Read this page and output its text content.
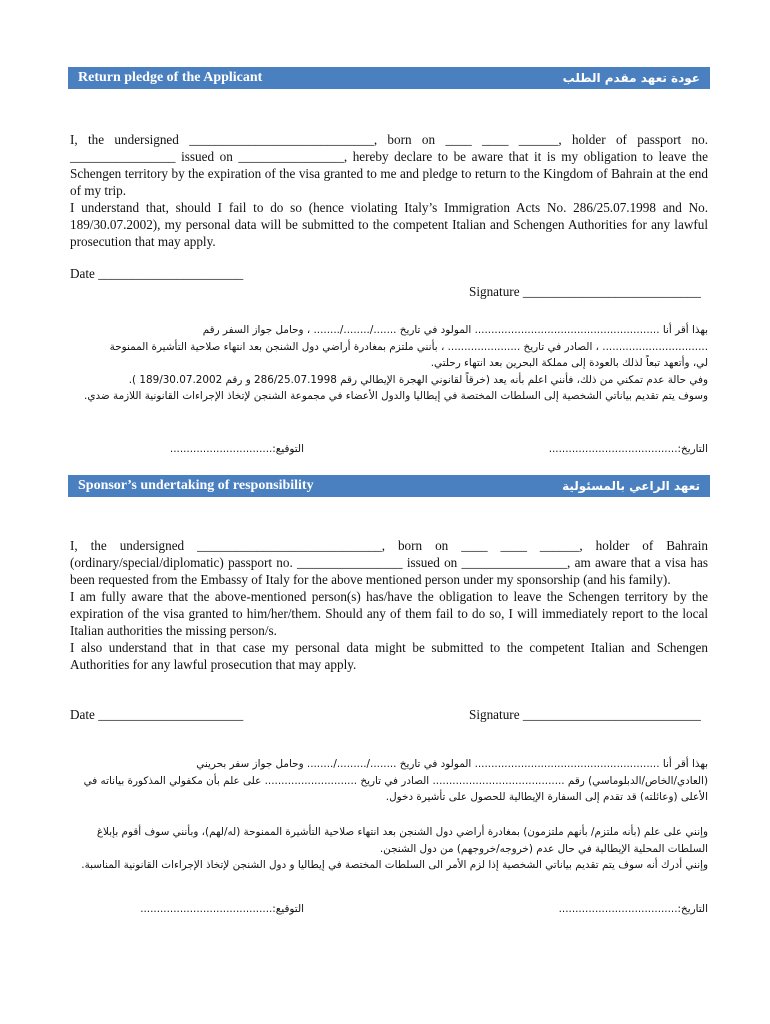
Return pledge of the Applicant	عودة تعهد مقدم الطلب

I, the undersigned ____________________________, born on ____ ____ ______, holder of passport no. ________________ issued on ________________, hereby declare to be aware that it is my obligation to leave the Schengen territory by the expiration of the visa granted to me and pledge to return to the Kingdom of Bahrain at the end of my trip.

I understand that, should I fail to do so (hence violating Italy’s Immigration Acts No. 286/25.07.1998 and No. 189/30.07.2002), my personal data will be submitted to the competent Italian and Schengen Authorities for any lawful prosecution that may apply.

Date ______________________
Signature ___________________________

بهذا أقر أنا ........................................................ المولود في تاريخ ......./......../........ ، وحامل جواز السفر رقم

................................ ، الصادر في تاريخ ...................... ، بأنني ملتزم بمغادرة أراضي دول الشنجن بعد انتهاء صلاحية التأشيرة الممنوحة

لي، وأتعهد تبعاً لذلك بالعودة إلى مملكة البحرين بعد انتهاء رحلتي.

وفي حالة عدم تمكني من ذلك، فأنني اعلم بأنه يعد (خرقاً لقانوني الهجرة الإيطالي رقم 286/25.07.1998 و رقم 189/30.07.2002 ).

وسوف يتم تقديم بياناتي الشخصية إلى السلطات المختصة في إيطاليا والدول الأعضاء في مجموعة الشنجن لإتخاذ الإجراءات القانونية اللازمة ضدي.

التاريخ:.......................................
التوقيع:...............................
Sponsor’s undertaking of responsibility	تعهد الراعي بالمسئولية

I, the undersigned ____________________________, born on ____ ____ ______, holder of Bahrain (ordinary/special/diplomatic) passport no. ________________ issued on ________________, am aware that a visa has been requested from the Embassy of Italy for the above mentioned person under my sponsorship (and his family).

I am fully aware that the above-mentioned person(s) has/have the obligation to leave the Schengen territory by the expiration of the visa granted to him/her/them. Should any of them fail to do so, I will immediately report to the local Italian authorities the missing person/s.

I also understand that in that case my personal data might be submitted to the competent Italian and Schengen Authorities for any lawful prosecution that may apply.

Date ______________________	Signature ___________________________

بهذا أقر أنا ........................................................ المولود في تاريخ ......../........./........ وحامل جواز سفر بحريني

(العادي/الخاص/الدبلوماسي) رقم ........................................ الصادر في تاريخ ............................ على علم بأن مكفولي المذكورة بياناته في

الأعلى (وعائلته) قد تقدم إلى السفارة الإيطالية للحصول على تأشيرة دخول.

وإنني على علم (بأنه ملتزم/ بأنهم ملتزمون) بمغادرة أراضي دول الشنجن بعد انتهاء صلاحية التأشيرة الممنوحة (له/لهم)، وبأنني سوف أقوم بإبلاغ

السلطات المحلية الإيطالية في حال عدم (خروجه/خروجهم) من دول الشنجن.

وإنني أدرك أنه سوف يتم تقديم بياناتي الشخصية إذا لزم الأمر الى السلطات المختصة في إيطاليا و دول الشنجن لإتخاذ الإجراءات القانونية المناسبة.

التاريخ:....................................
التوقيع:........................................
